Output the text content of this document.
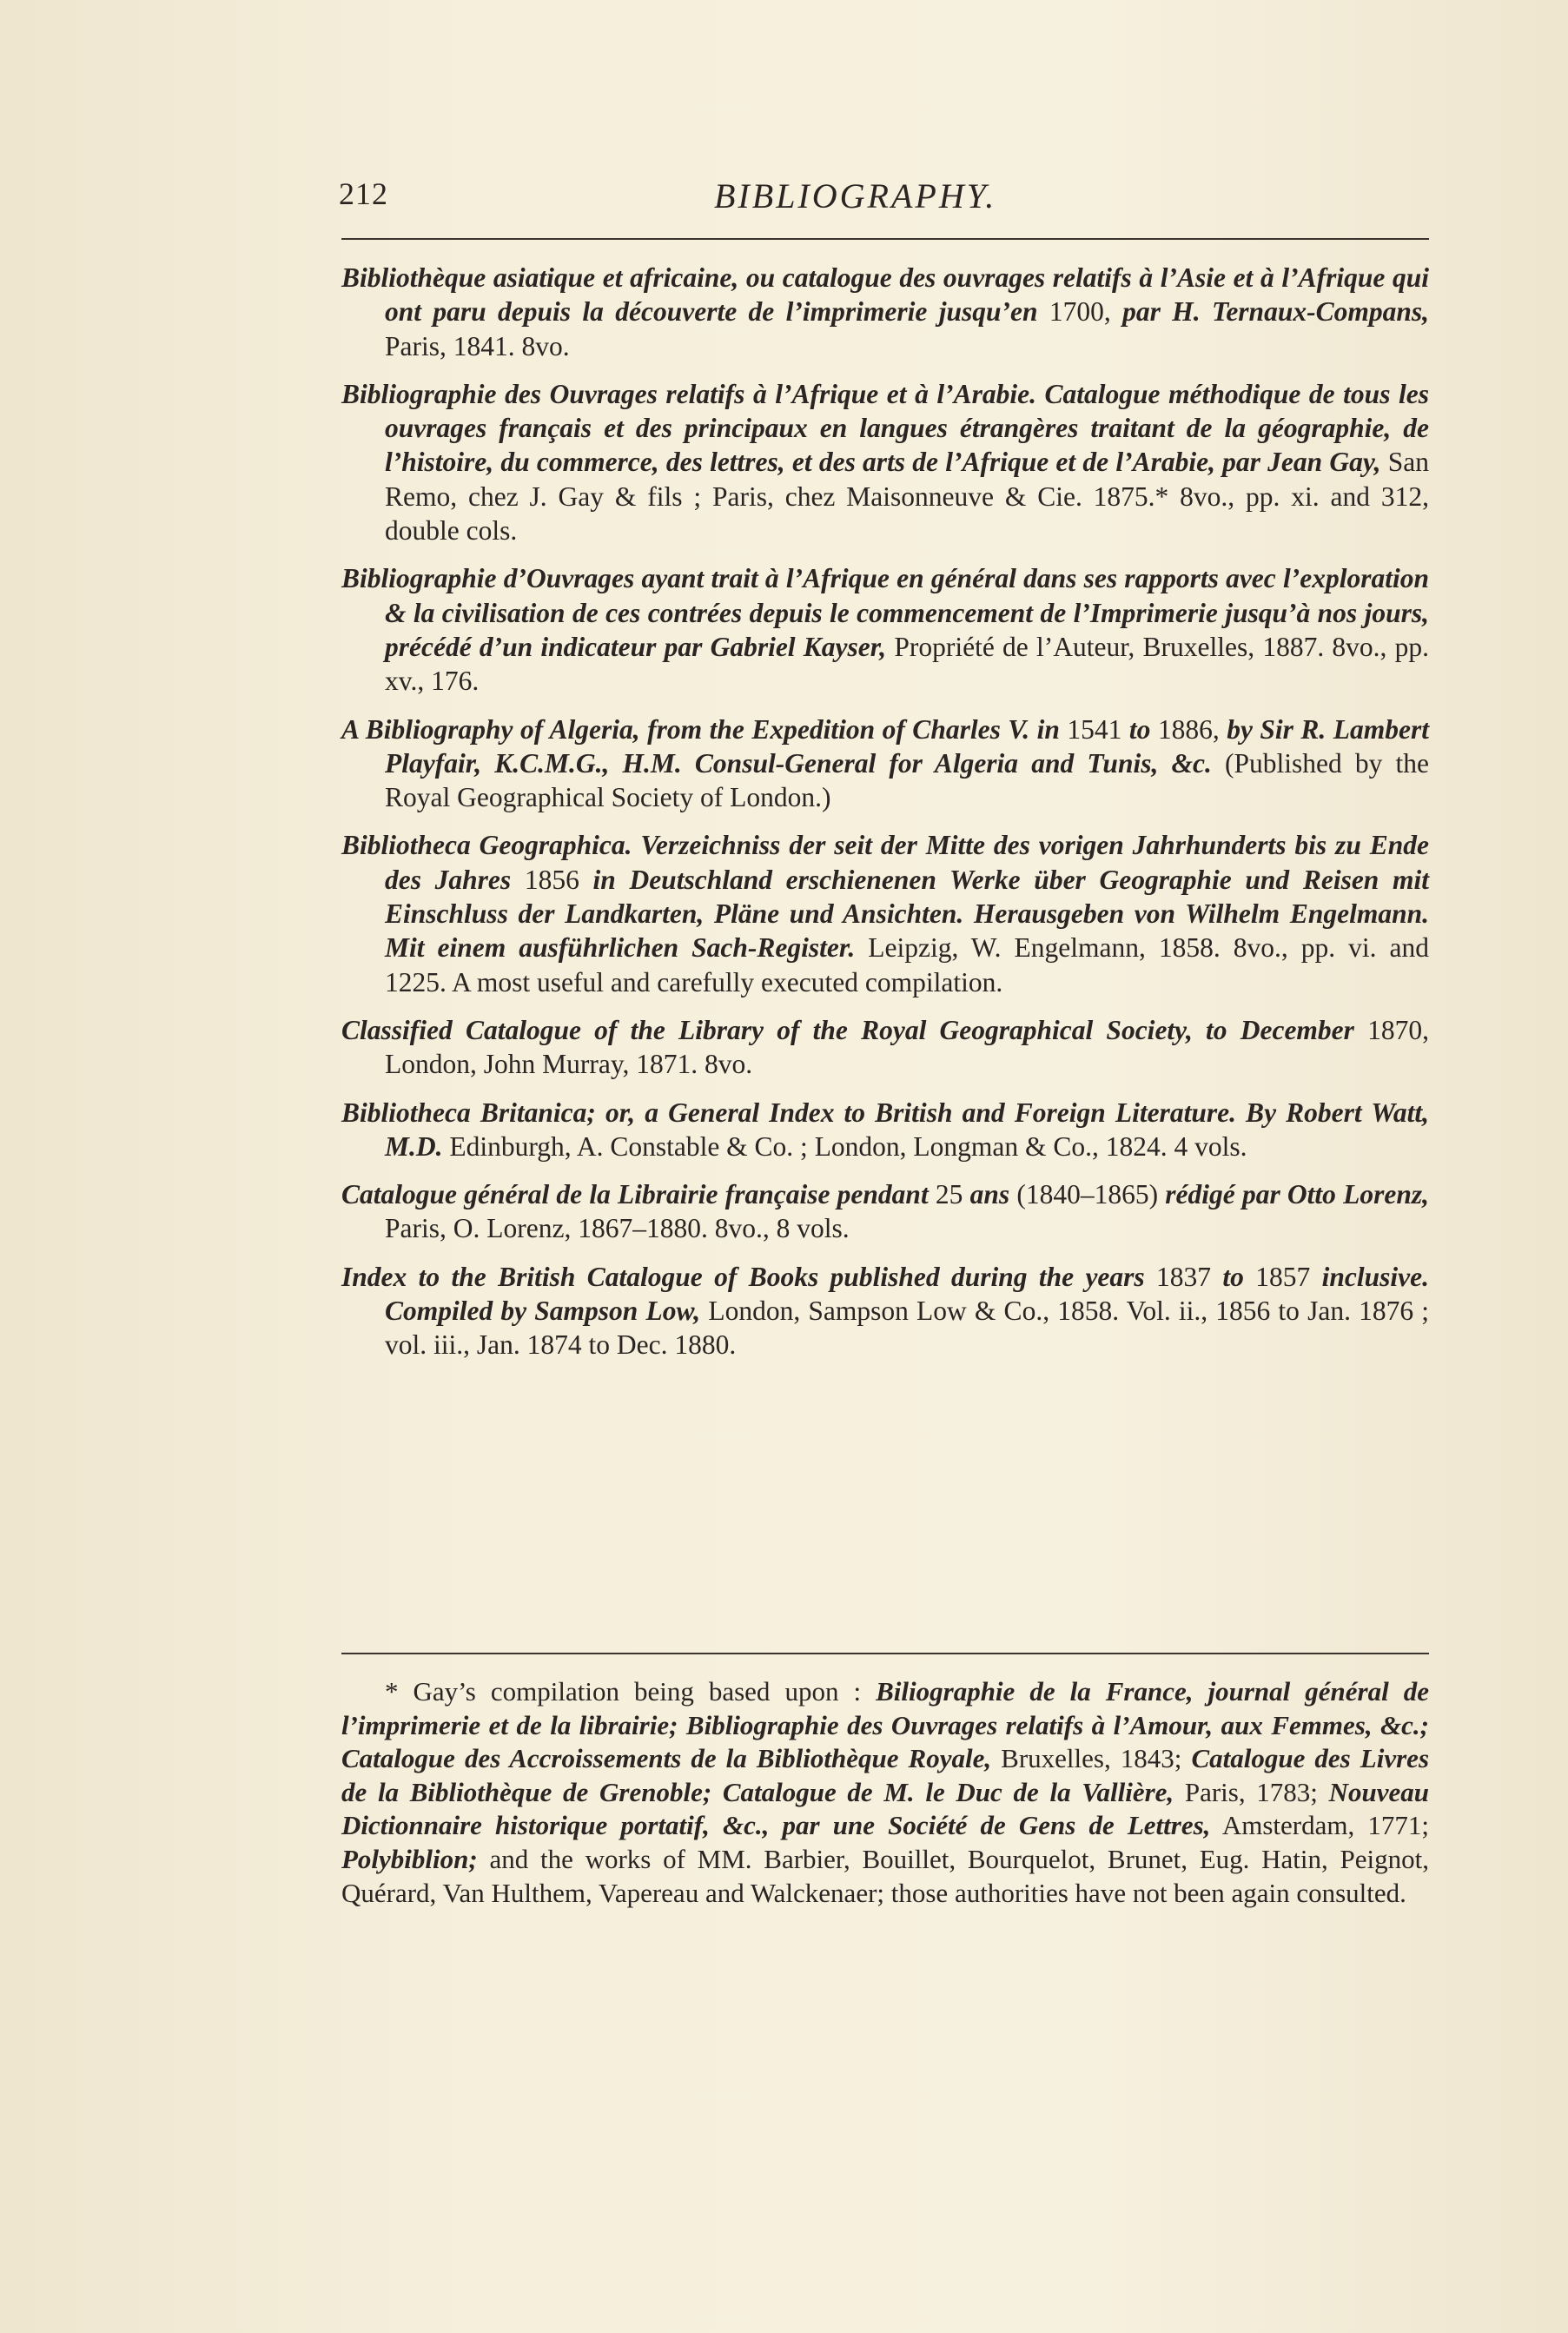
212	BIBLIOGRAPHY.

Bibliothèque asiatique et africaine, ou catalogue des ouvrages relatifs à l’Asie et à l’Afrique qui ont paru depuis la découverte de l’imprimerie jusqu’en 1700, par H. Ternaux-Compans, Paris, 1841. 8vo.

Bibliographie des Ouvrages relatifs à l’Afrique et à l’Arabie. Catalogue méthodique de tous les ouvrages français et des principaux en langues étrangères traitant de la géographie, de l’histoire, du commerce, des lettres, et des arts de l’Afrique et de l’Arabie, par Jean Gay, San Remo, chez J. Gay & fils ; Paris, chez Maisonneuve & Cie. 1875.* 8vo., pp. xi. and 312, double cols.

Bibliographie d’Ouvrages ayant trait à l’Afrique en général dans ses rapports avec l’exploration & la civilisation de ces contrées depuis le commencement de l’Imprimerie jusqu’à nos jours, précédé d’un indicateur par Gabriel Kayser, Propriété de l’Auteur, Bruxelles, 1887. 8vo., pp. xv., 176.

A Bibliography of Algeria, from the Expedition of Charles V. in 1541 to 1886, by Sir R. Lambert Playfair, K.C.M.G., H.M. Consul-General for Algeria and Tunis, &c. (Published by the Royal Geographical Society of London.)

Bibliotheca Geographica. Verzeichniss der seit der Mitte des vorigen Jahrhunderts bis zu Ende des Jahres 1856 in Deutschland erschienenen Werke über Geographie und Reisen mit Einschluss der Landkarten, Pläne und Ansichten. Herausgeben von Wilhelm Engelmann. Mit einem ausführlichen Sach-Register. Leipzig, W. Engelmann, 1858. 8vo., pp. vi. and 1225. A most useful and carefully executed compilation.

Classified Catalogue of the Library of the Royal Geographical Society, to December 1870, London, John Murray, 1871. 8vo.

Bibliotheca Britanica; or, a General Index to British and Foreign Literature. By Robert Watt, M.D. Edinburgh, A. Constable & Co. ; London, Longman & Co., 1824. 4 vols.

Catalogue général de la Librairie française pendant 25 ans (1840–1865) rédigé par Otto Lorenz, Paris, O. Lorenz, 1867–1880. 8vo., 8 vols.

Index to the British Catalogue of Books published during the years 1837 to 1857 inclusive. Compiled by Sampson Low, London, Sampson Low & Co., 1858. Vol. ii., 1856 to Jan. 1876 ; vol. iii., Jan. 1874 to Dec. 1880.

* Gay’s compilation being based upon : Biliographie de la France, journal général de l’imprimerie et de la librairie; Bibliographie des Ouvrages relatifs à l’Amour, aux Femmes, &c.; Catalogue des Accroissements de la Bibliothèque Royale, Bruxelles, 1843; Catalogue des Livres de la Bibliothèque de Grenoble; Catalogue de M. le Duc de la Vallière, Paris, 1783; Nouveau Dictionnaire historique portatif, &c., par une Société de Gens de Lettres, Amsterdam, 1771; Polybiblion; and the works of MM. Barbier, Bouillet, Bourquelot, Brunet, Eug. Hatin, Peignot, Quérard, Van Hulthem, Vapereau and Walckenaer; those authorities have not been again consulted.
